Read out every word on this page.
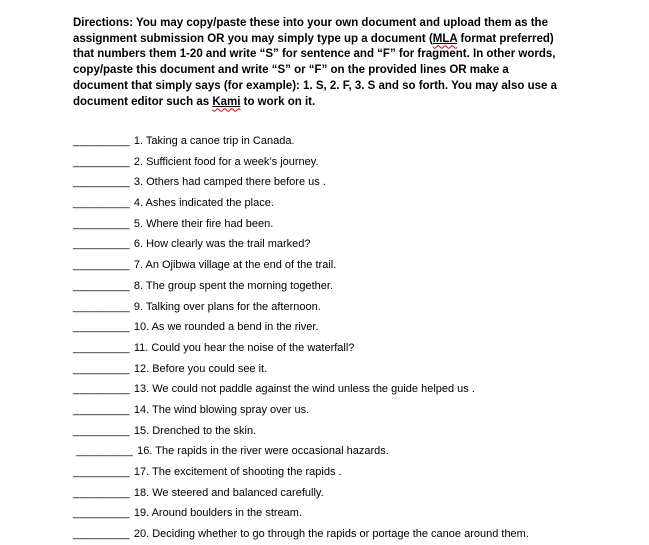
Directions: You may copy/paste these into your own document and upload them as the
assignment submission OR you may simply type up a document (MLA format preferred)
that numbers them 1-20 and write “S” for sentence and “F” for fragment. In other words,
copy/paste this document and write “S” or “F” on the provided lines OR make a
document that simply says (for example): 1. S, 2. F, 3. S and so forth. You may also use a
document editor such as Kami to work on it.
_________ 1. Taking a canoe trip in Canada.
_________ 2. Sufficient food for a week’s journey.
_________ 3. Others had camped there before us .
_________ 4. Ashes indicated the place.
_________ 5. Where their fire had been.
_________ 6. How clearly was the trail marked?
_________ 7. An Ojibwa village at the end of the trail.
_________ 8. The group spent the morning together.
_________ 9. Talking over plans for the afternoon.
_________ 10. As we rounded a bend in the river.
_________ 11. Could you hear the noise of the waterfall?
_________ 12. Before you could see it.
_________ 13. We could not paddle against the wind unless the guide helped us .
_________ 14. The wind blowing spray over us.
_________ 15. Drenched to the skin.
_________ 16. The rapids in the river were occasional hazards.
_________ 17. The excitement of shooting the rapids .
_________ 18. We steered and balanced carefully.
_________ 19. Around boulders in the stream.
_________ 20. Deciding whether to go through the rapids or portage the canoe around them.
